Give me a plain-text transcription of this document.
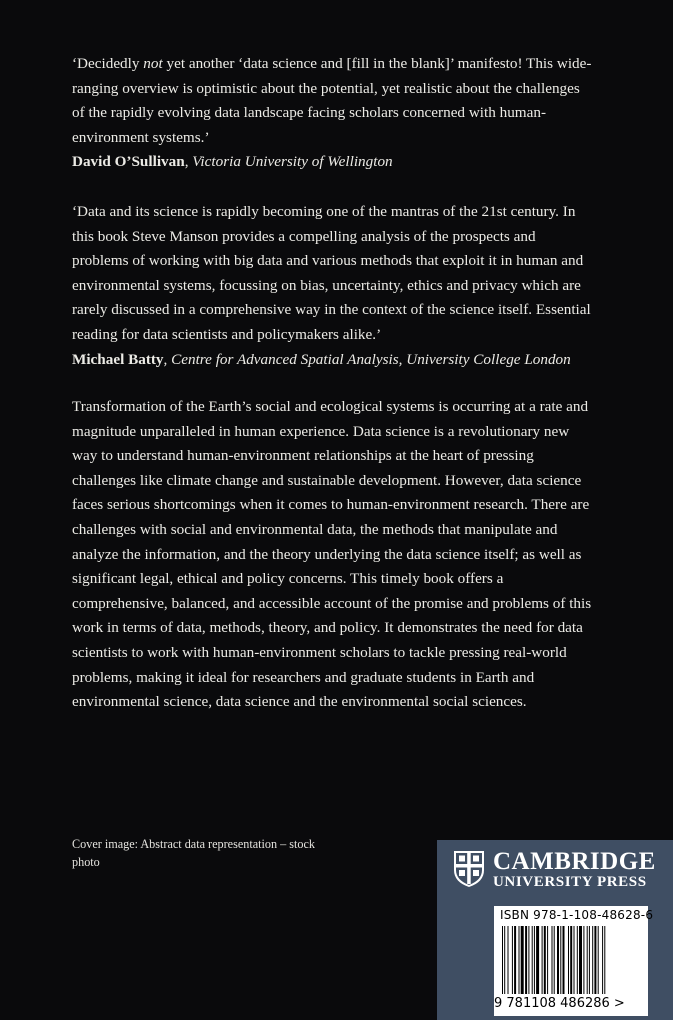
‘Decidedly not yet another ‘data science and [fill in the blank]’ manifesto! This wide-ranging overview is optimistic about the potential, yet realistic about the challenges of the rapidly evolving data landscape facing scholars concerned with human-environment systems.’

David O’Sullivan, Victoria University of Wellington

‘Data and its science is rapidly becoming one of the mantras of the 21st century. In this book Steve Manson provides a compelling analysis of the prospects and problems of working with big data and various methods that exploit it in human and environmental systems, focussing on bias, uncertainty, ethics and privacy which are rarely discussed in a comprehensive way in the context of the science itself. Essential reading for data scientists and policymakers alike.’

Michael Batty, Centre for Advanced Spatial Analysis, University College London

Transformation of the Earth’s social and ecological systems is occurring at a rate and magnitude unparalleled in human experience. Data science is a revolutionary new way to understand human-environment relationships at the heart of pressing challenges like climate change and sustainable development. However, data science faces serious shortcomings when it comes to human-environment research. There are challenges with social and environmental data, the methods that manipulate and analyze the information, and the theory underlying the data science itself; as well as significant legal, ethical and policy concerns. This timely book offers a comprehensive, balanced, and accessible account of the promise and problems of this work in terms of data, methods, theory, and policy. It demonstrates the need for data scientists to work with human-environment scholars to tackle pressing real-world problems, making it ideal for researchers and graduate students in Earth and environmental science, data science and the environmental social sciences.

Cover image: Abstract data representation – stock photo	CAMBRIDGE
UNIVERSITY PRESS
ISBN 978-1-108-48628-6
9 781108 486286 >
